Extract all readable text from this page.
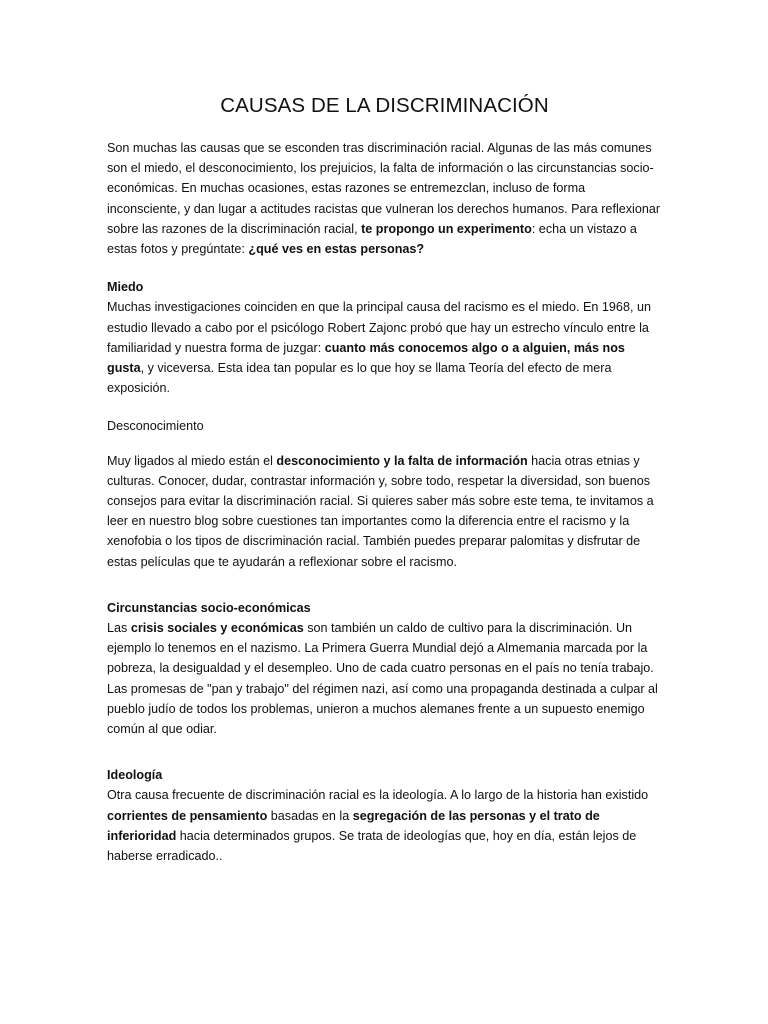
CAUSAS DE LA DISCRIMINACIÓN

Son muchas las causas que se esconden tras discriminación racial. Algunas de las más comunes son el miedo, el desconocimiento, los prejuicios, la falta de información o las circunstancias socio-económicas. En muchas ocasiones, estas razones se entremezclan, incluso de forma inconsciente, y dan lugar a actitudes racistas que vulneran los derechos humanos. Para reflexionar sobre las razones de la discriminación racial, te propongo un experimento: echa un vistazo a estas fotos y pregúntate: ¿qué ves en estas personas?

Miedo

Muchas investigaciones coinciden en que la principal causa del racismo es el miedo. En 1968, un estudio llevado a cabo por el psicólogo Robert Zajonc probó que hay un estrecho vínculo entre la familiaridad y nuestra forma de juzgar: cuanto más conocemos algo o a alguien, más nos gusta, y viceversa. Esta idea tan popular es lo que hoy se llama Teoría del efecto de mera exposición.

Desconocimiento

Muy ligados al miedo están el desconocimiento y la falta de información hacia otras etnias y culturas. Conocer, dudar, contrastar información y, sobre todo, respetar la diversidad, son buenos consejos para evitar la discriminación racial. Si quieres saber más sobre este tema, te invitamos a leer en nuestro blog sobre cuestiones tan importantes como la diferencia entre el racismo y la xenofobia o los tipos de discriminación racial. También puedes preparar palomitas y disfrutar de estas películas que te ayudarán a reflexionar sobre el racismo.

Circunstancias socio-económicas

Las crisis sociales y económicas son también un caldo de cultivo para la discriminación. Un ejemplo lo tenemos en el nazismo. La Primera Guerra Mundial dejó a Almemania marcada por la pobreza, la desigualdad y el desempleo. Uno de cada cuatro personas en el país no tenía trabajo. Las promesas de "pan y trabajo" del régimen nazi, así como una propaganda destinada a culpar al pueblo judío de todos los problemas, unieron a muchos alemanes frente a un supuesto enemigo común al que odiar.

Ideología

Otra causa frecuente de discriminación racial es la ideología. A lo largo de la historia han existido corrientes de pensamiento basadas en la segregación de las personas y el trato de inferioridad hacia determinados grupos. Se trata de ideologías que, hoy en día, están lejos de haberse erradicado..
